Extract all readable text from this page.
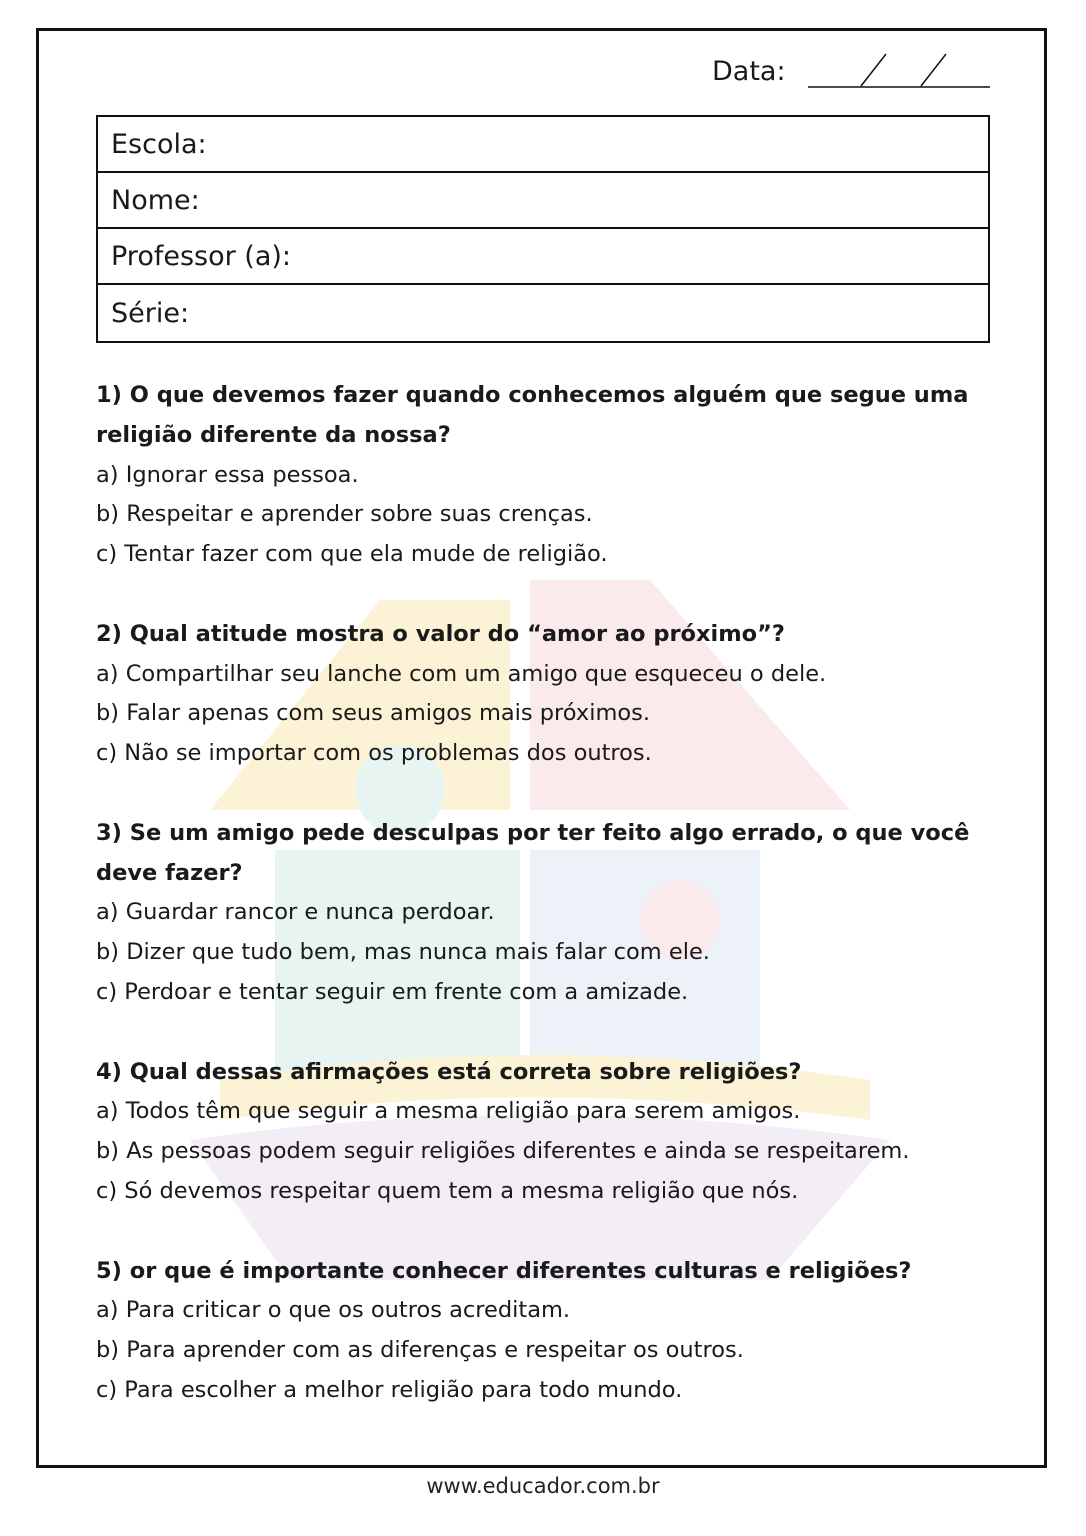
Data:
Escola:
Nome:
Professor (a):
Série:

1) O que devemos fazer quando conhecemos alguém que segue uma religião diferente da nossa?

a) Ignorar essa pessoa.

b) Respeitar e aprender sobre suas crenças.

c) Tentar fazer com que ela mude de religião.

2) Qual atitude mostra o valor do “amor ao próximo”?

a) Compartilhar seu lanche com um amigo que esqueceu o dele.

b) Falar apenas com seus amigos mais próximos.

c) Não se importar com os problemas dos outros.

3) Se um amigo pede desculpas por ter feito algo errado, o que você deve fazer?

a) Guardar rancor e nunca perdoar.

b) Dizer que tudo bem, mas nunca mais falar com ele.

c) Perdoar e tentar seguir em frente com a amizade.

4) Qual dessas afirmações está correta sobre religiões?

a) Todos têm que seguir a mesma religião para serem amigos.

b) As pessoas podem seguir religiões diferentes e ainda se respeitarem.

c) Só devemos respeitar quem tem a mesma religião que nós.

5) or que é importante conhecer diferentes culturas e religiões?

a) Para criticar o que os outros acreditam.

b) Para aprender com as diferenças e respeitar os outros.

c) Para escolher a melhor religião para todo mundo.

www.educador.com.br
